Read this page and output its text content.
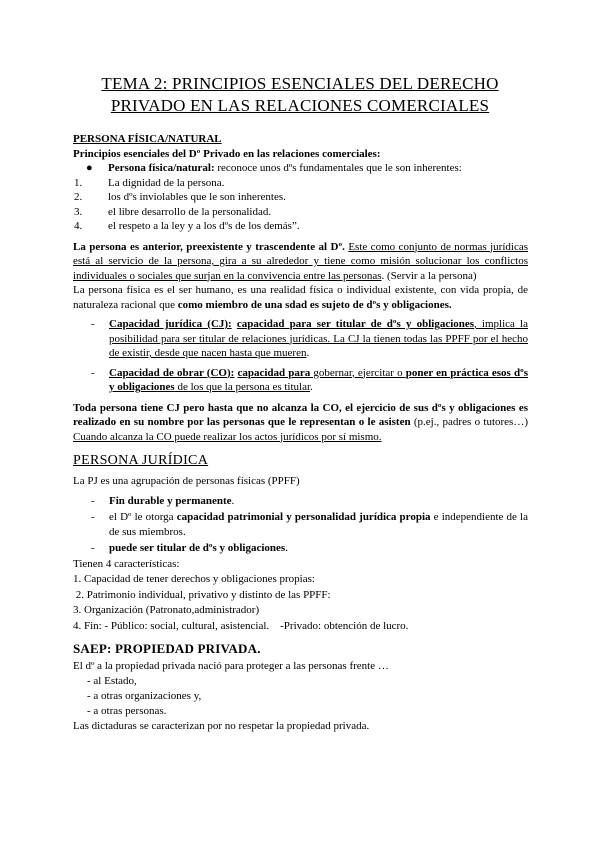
TEMA 2: PRINCIPIOS ESENCIALES DEL DERECHO
PRIVADO EN LAS RELACIONES COMERCIALES
PERSONA FÍSICA/NATURAL
Principios esenciales del Dº Privado en las relaciones comerciales:
● Persona física/natural: reconoce unos dºs fundamentales que le son inherentes:
1. La dignidad de la persona.
2. los dºs inviolables que le son inherentes.
3. el libre desarrollo de la personalidad.
4. el respeto a la ley y a los dºs de los demás”.
La persona es anterior, preexistente y trascendente al Dº. Este como conjunto de normas jurídicas está al servicio de la persona, gira a su alrededor y tiene como misión solucionar los conflictos individuales o sociales que surjan en la convivencia entre las personas. (Servir a la persona)
La persona física es el ser humano, es una realidad física o individual existente, con vida propia, de naturaleza racional que como miembro de una sdad es sujeto de dºs y obligaciones.
- Capacidad jurídica (CJ): capacidad para ser titular de dºs y obligaciones, implica la posibilidad para ser titular de relaciones jurídicas. La CJ la tienen todas las PPFF por el hecho de existir, desde que nacen hasta que mueren.
- Capacidad de obrar (CO): capacidad para gobernar, ejercitar o poner en práctica esos dºs y obligaciones de los que la persona es titular.
Toda persona tiene CJ pero hasta que no alcanza la CO, el ejercicio de sus dºs y obligaciones es realizado en su nombre por las personas que le representan o le asisten (p.ej., padres o tutores…) Cuando alcanza la CO puede realizar los actos jurídicos por sí mismo.
PERSONA JURÍDICA
La PJ es una agrupación de personas físicas (PPFF)
- Fin durable y permanente.
- el Dº le otorga capacidad patrimonial y personalidad jurídica propia e independiente de la de sus miembros.
- puede ser titular de dºs y obligaciones.
Tienen 4 características:
1. Capacidad de tener derechos y obligaciones propias:
2. Patrimonio individual, privativo y distinto de las PPFF:
3. Organización (Patronato,administrador)
4. Fin: - Público: social, cultural, asistencial.    -Privado: obtención de lucro.
SAEP: PROPIEDAD PRIVADA.
El dº a la propiedad privada nació para proteger a las personas frente …
- al Estado,
- a otras organizaciones y,
- a otras personas.
Las dictaduras se caracterizan por no respetar la propiedad privada.
